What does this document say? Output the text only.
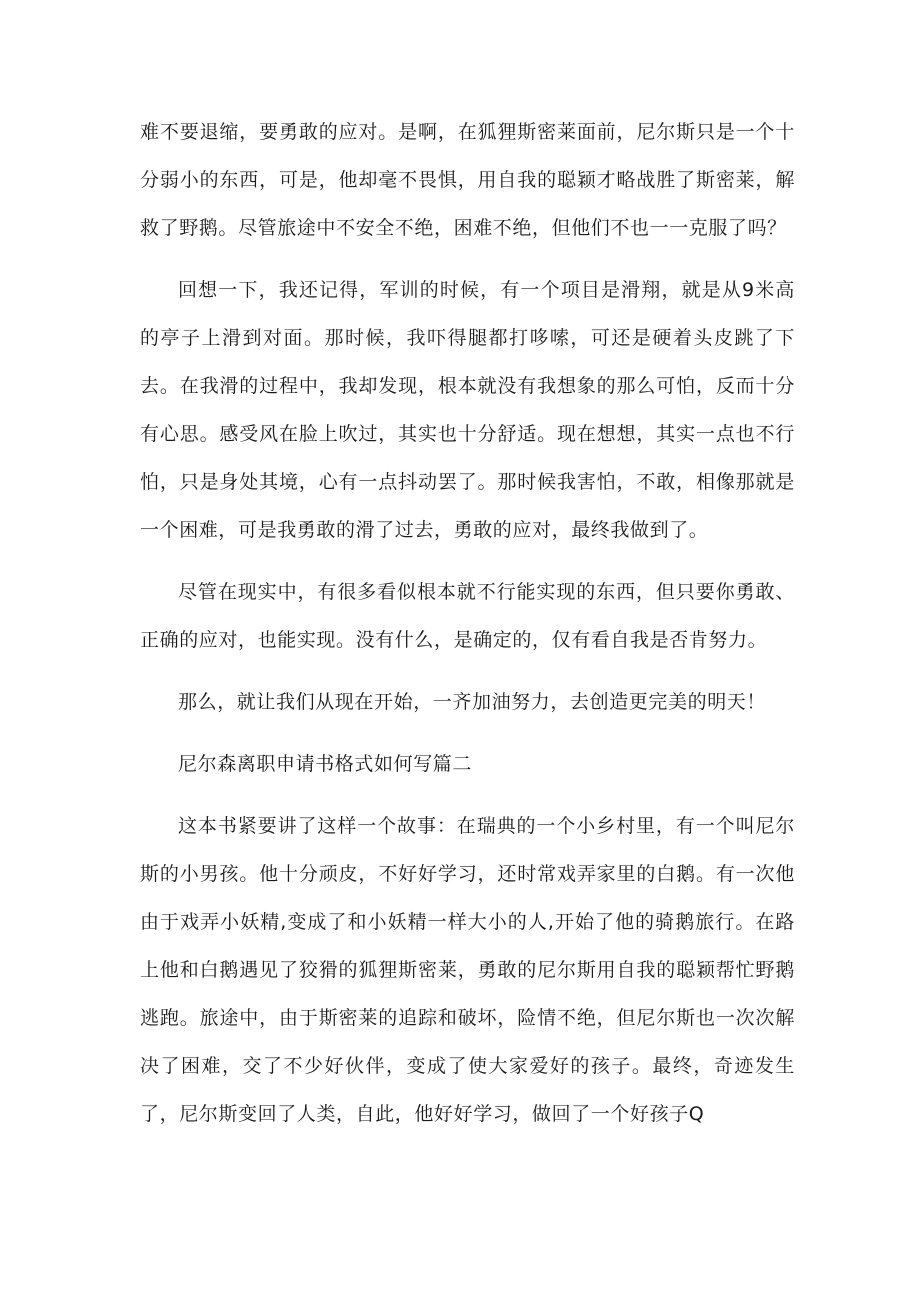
难不要退缩，要勇敢的应对。是啊，在狐狸斯密莱面前，尼尔斯只是一个十分弱小的东西，可是，他却毫不畏惧，用自我的聪颖才略战胜了斯密莱，解救了野鹅。尽管旅途中不安全不绝，困难不绝，但他们不也一一克服了吗？

回想一下，我还记得，军训的时候，有一个项目是滑翔，就是从9米高的亭子上滑到对面。那时候，我吓得腿都打哆嗦，可还是硬着头皮跳了下去。在我滑的过程中，我却发现，根本就没有我想象的那么可怕，反而十分有心思。感受风在脸上吹过，其实也十分舒适。现在想想，其实一点也不行怕，只是身处其境，心有一点抖动罢了。那时候我害怕，不敢，相像那就是一个困难，可是我勇敢的滑了过去，勇敢的应对，最终我做到了。

尽管在现实中，有很多看似根本就不行能实现的东西，但只要你勇敢、正确的应对，也能实现。没有什么，是确定的，仅有看自我是否肯努力。

那么，就让我们从现在开始，一齐加油努力，去创造更完美的明天！

尼尔森离职申请书格式如何写篇二

这本书紧要讲了这样一个故事：在瑞典的一个小乡村里，有一个叫尼尔斯的小男孩。他十分顽皮，不好好学习，还时常戏弄家里的白鹅。有一次他由于戏弄小妖精,变成了和小妖精一样大小的人,开始了他的骑鹅旅行。在路上他和白鹅遇见了狡猾的狐狸斯密莱，勇敢的尼尔斯用自我的聪颖帮忙野鹅逃跑。旅途中，由于斯密莱的追踪和破坏，险情不绝，但尼尔斯也一次次解决了困难，交了不少好伙伴，变成了使大家爱好的孩子。最终，奇迹发生了，尼尔斯变回了人类，自此，他好好学习，做回了一个好孩子Q
